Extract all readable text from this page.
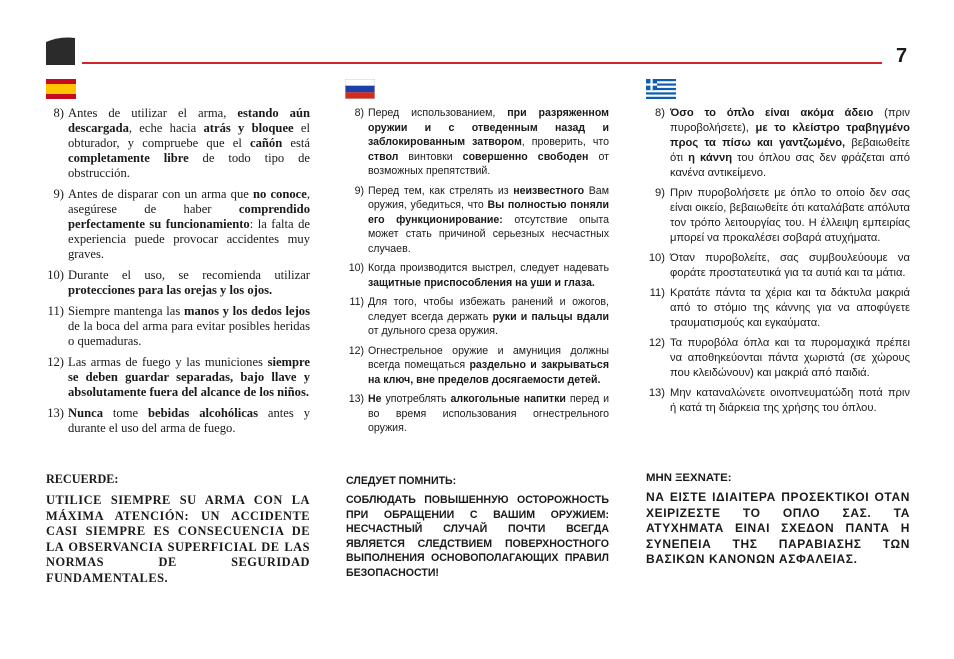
7
8) Antes de utilizar el arma, estando aún descargada, eche hacia atrás y bloquee el obturador, y compruebe que el cañón está completamente libre de todo tipo de obstrucción.
9) Antes de disparar con un arma que no conoce, asegúrese de haber comprendido perfectamente su funcionamiento: la falta de experiencia puede provocar accidentes muy graves.
10) Durante el uso, se recomienda utilizar protecciones para las orejas y los ojos.
11) Siempre mantenga las manos y los dedos lejos de la boca del arma para evitar posibles heridas o quemaduras.
12) Las armas de fuego y las municiones siempre se deben guardar separadas, bajo llave y absolutamente fuera del alcance de los niños.
13) Nunca tome bebidas alcohólicas antes y durante el uso del arma de fuego.

RECUERDE:

UTILICE SIEMPRE SU ARMA CON LA MÁXIMA ATENCIÓN: UN ACCIDENTE CASI SIEMPRE ES CONSECUENCIA DE LA OBSERVANCIA SUPERFICIAL DE LAS NORMAS DE SEGURIDAD FUNDAMENTALES.

8) Перед использованием, при разряженном оружии и с отведенным назад и заблокированным затвором, проверить, что ствол винтовки совершенно свободен от возможных препятствий.
9) Перед тем, как стрелять из неизвестного Вам оружия, убедиться, что Вы полностью поняли его функционирование: отсутствие опыта может стать причиной серьезных несчастных случаев.
10) Когда производится выстрел, следует надевать защитные приспособления на уши и глаза.
11) Для того, чтобы избежать ранений и ожогов, следует всегда держать руки и пальцы вдали от дульного среза оружия.
12) Огнестрельное оружие и амуниция должны всегда помещаться раздельно и закрываться на ключ, вне пределов досягаемости детей.
13) Не употреблять алкогольные напитки перед и во время использования огнестрельного оружия.

СЛЕДУЕТ ПОМНИТЬ:

СОБЛЮДАТЬ ПОВЫШЕННУЮ ОСТОРОЖНОСТЬ ПРИ ОБРАЩЕНИИ С ВАШИМ ОРУЖИЕМ: НЕСЧАСТНЫЙ СЛУЧАЙ ПОЧТИ ВСЕГДА ЯВЛЯЕТСЯ СЛЕДСТВИЕМ ПОВЕРХНОСТНОГО ВЫПОЛНЕНИЯ ОСНОВОПОЛАГАЮЩИХ ПРАВИЛ БЕЗОПАСНОСТИ!

8) Όσο το όπλο είναι ακόμα άδειο (πριν πυροβολήσετε), με το κλείστρο τραβηγμένο προς τα πίσω και γαντζωμένο, βεβαιωθείτε ότι η κάννη του όπλου σας δεν φράζεται από κανένα αντικείμενο.
9) Πριν πυροβολήσετε με όπλο το οποίο δεν σας είναι οικείο, βεβαιωθείτε ότι καταλάβατε απόλυτα τον τρόπο λειτουργίας του. Η έλλειψη εμπειρίας μπορεί να προκαλέσει σοβαρά ατυχήματα.
10) Όταν πυροβολείτε, σας συμβουλεύουμε να φοράτε προστατευτικά για τα αυτιά και τα μάτια.
11) Κρατάτε πάντα τα χέρια και τα δάκτυλα μακριά από το στόμιο της κάννης για να αποφύγετε τραυματισμούς και εγκαύματα.
12) Τα πυροβόλα όπλα και τα πυρομαχικά πρέπει να αποθηκεύονται πάντα χωριστά (σε χώρους που κλειδώνουν) και μακριά από παιδιά.
13) Μην καταναλώνετε οινοπνευματώδη ποτά πριν ή κατά τη διάρκεια της χρήσης του όπλου.

ΜΗΝ ΞΕΧΝΑΤΕ:

ΝΑ ΕΙΣΤΕ ΙΔΙΑΙΤΕΡΑ ΠΡΟΣΕΚΤΙΚΟΙ ΟΤΑΝ ΧΕΙΡΙΖΕΣΤΕ ΤΟ ΟΠΛΟ ΣΑΣ. ΤΑ ΑΤΥΧΗΜΑΤΑ ΕΙΝΑΙ ΣΧΕΔΟΝ ΠΑΝΤΑ Η ΣΥΝΕΠΕΙΑ ΤΗΣ ΠΑΡΑΒΙΑΣΗΣ ΤΩΝ ΒΑΣΙΚΩΝ ΚΑΝΟΝΩΝ ΑΣΦΑΛΕΙΑΣ.
